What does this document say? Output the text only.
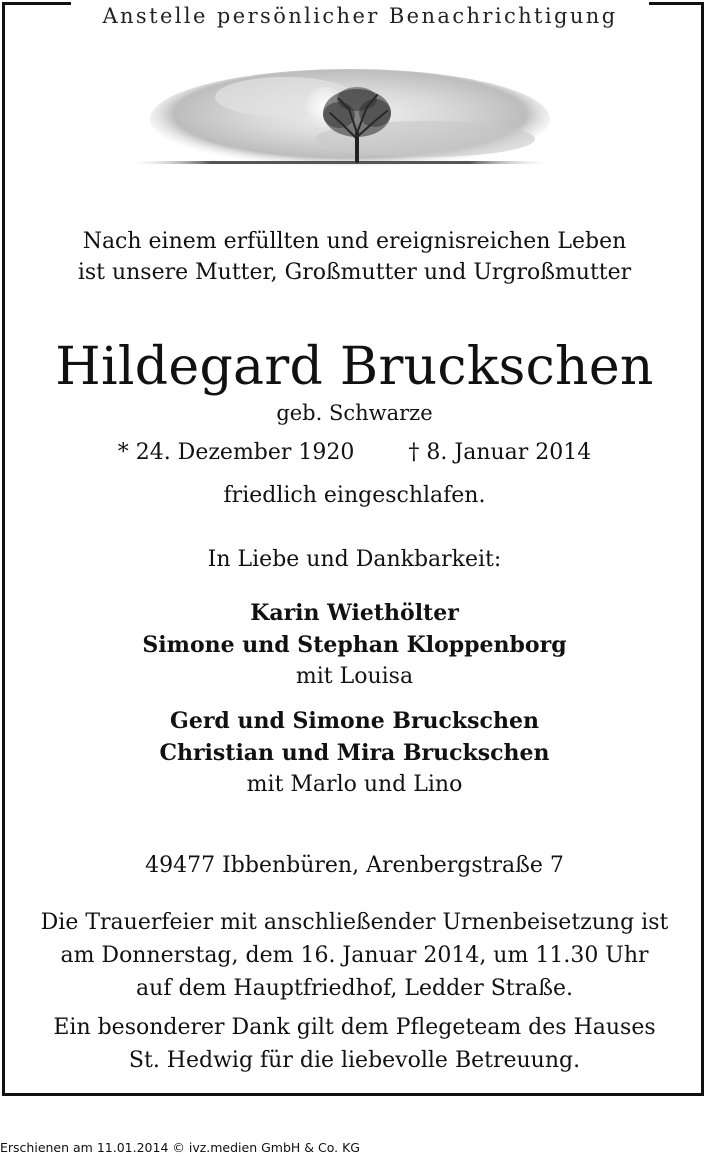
Anstelle persönlicher Benachrichtigung
Nach einem erfüllten und ereignisreichen Leben
ist unsere Mutter, Großmutter und Urgroßmutter
Hildegard Bruckschen
geb. Schwarze
* 24. Dezember 1920 † 8. Januar 2014
friedlich eingeschlafen.
In Liebe und Dankbarkeit:
Karin Wiethölter
Simone und Stephan Kloppenborg
mit Louisa
Gerd und Simone Bruckschen
Christian und Mira Bruckschen
mit Marlo und Lino
49477 Ibbenbüren, Arenbergstraße 7
Die Trauerfeier mit anschließender Urnenbeisetzung ist
am Donnerstag, dem 16. Januar 2014, um 11.30 Uhr
auf dem Hauptfriedhof, Ledder Straße.
Ein besonderer Dank gilt dem Pflegeteam des Hauses
St. Hedwig für die liebevolle Betreuung.
Erschienen am 11.01.2014 © ivz.medien GmbH & Co. KG
